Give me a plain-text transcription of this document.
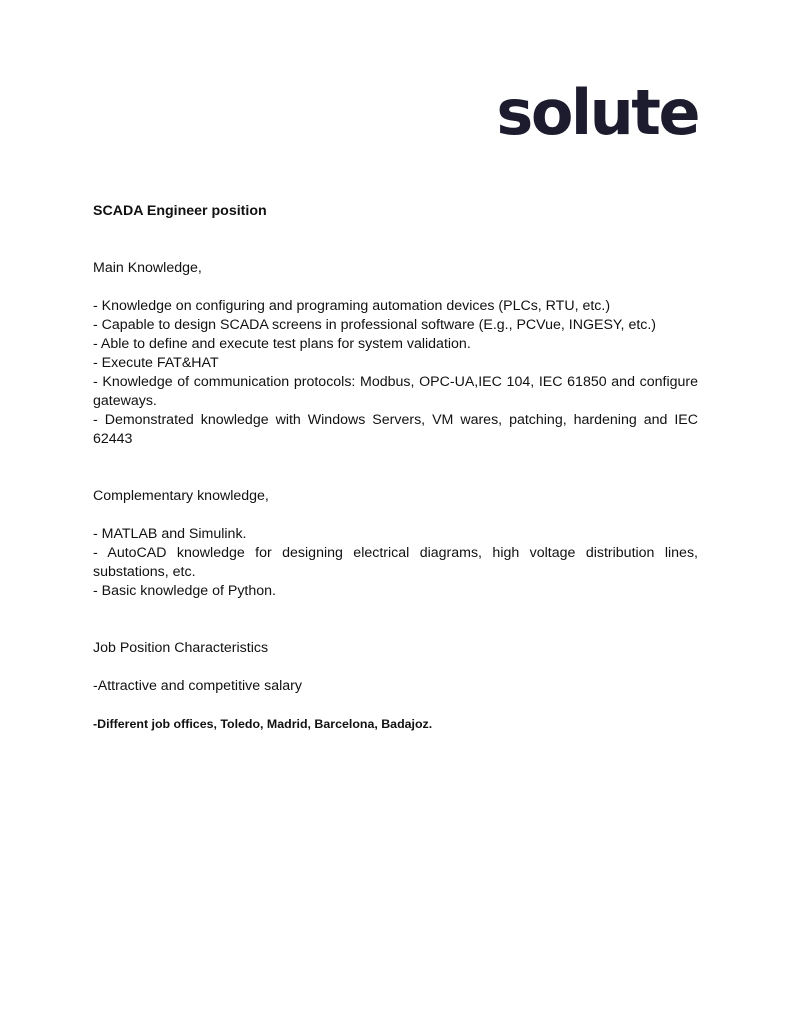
solute

SCADA Engineer position

Main Knowledge,

- Knowledge on configuring and programing automation devices (PLCs, RTU, etc.)
- Capable to design SCADA screens in professional software (E.g., PCVue, INGESY, etc.)
- Able to define and execute test plans for system validation.
- Execute FAT&HAT
- Knowledge of communication protocols: Modbus, OPC-UA,IEC 104, IEC 61850 and configure gateways.
- Demonstrated knowledge with Windows Servers, VM wares, patching, hardening and IEC 62443

Complementary knowledge,

- MATLAB and Simulink.
- AutoCAD knowledge for designing electrical diagrams, high voltage distribution lines, substations, etc.
- Basic knowledge of Python.

Job Position Characteristics

-Attractive and competitive salary

-Different job offices, Toledo, Madrid, Barcelona, Badajoz.
